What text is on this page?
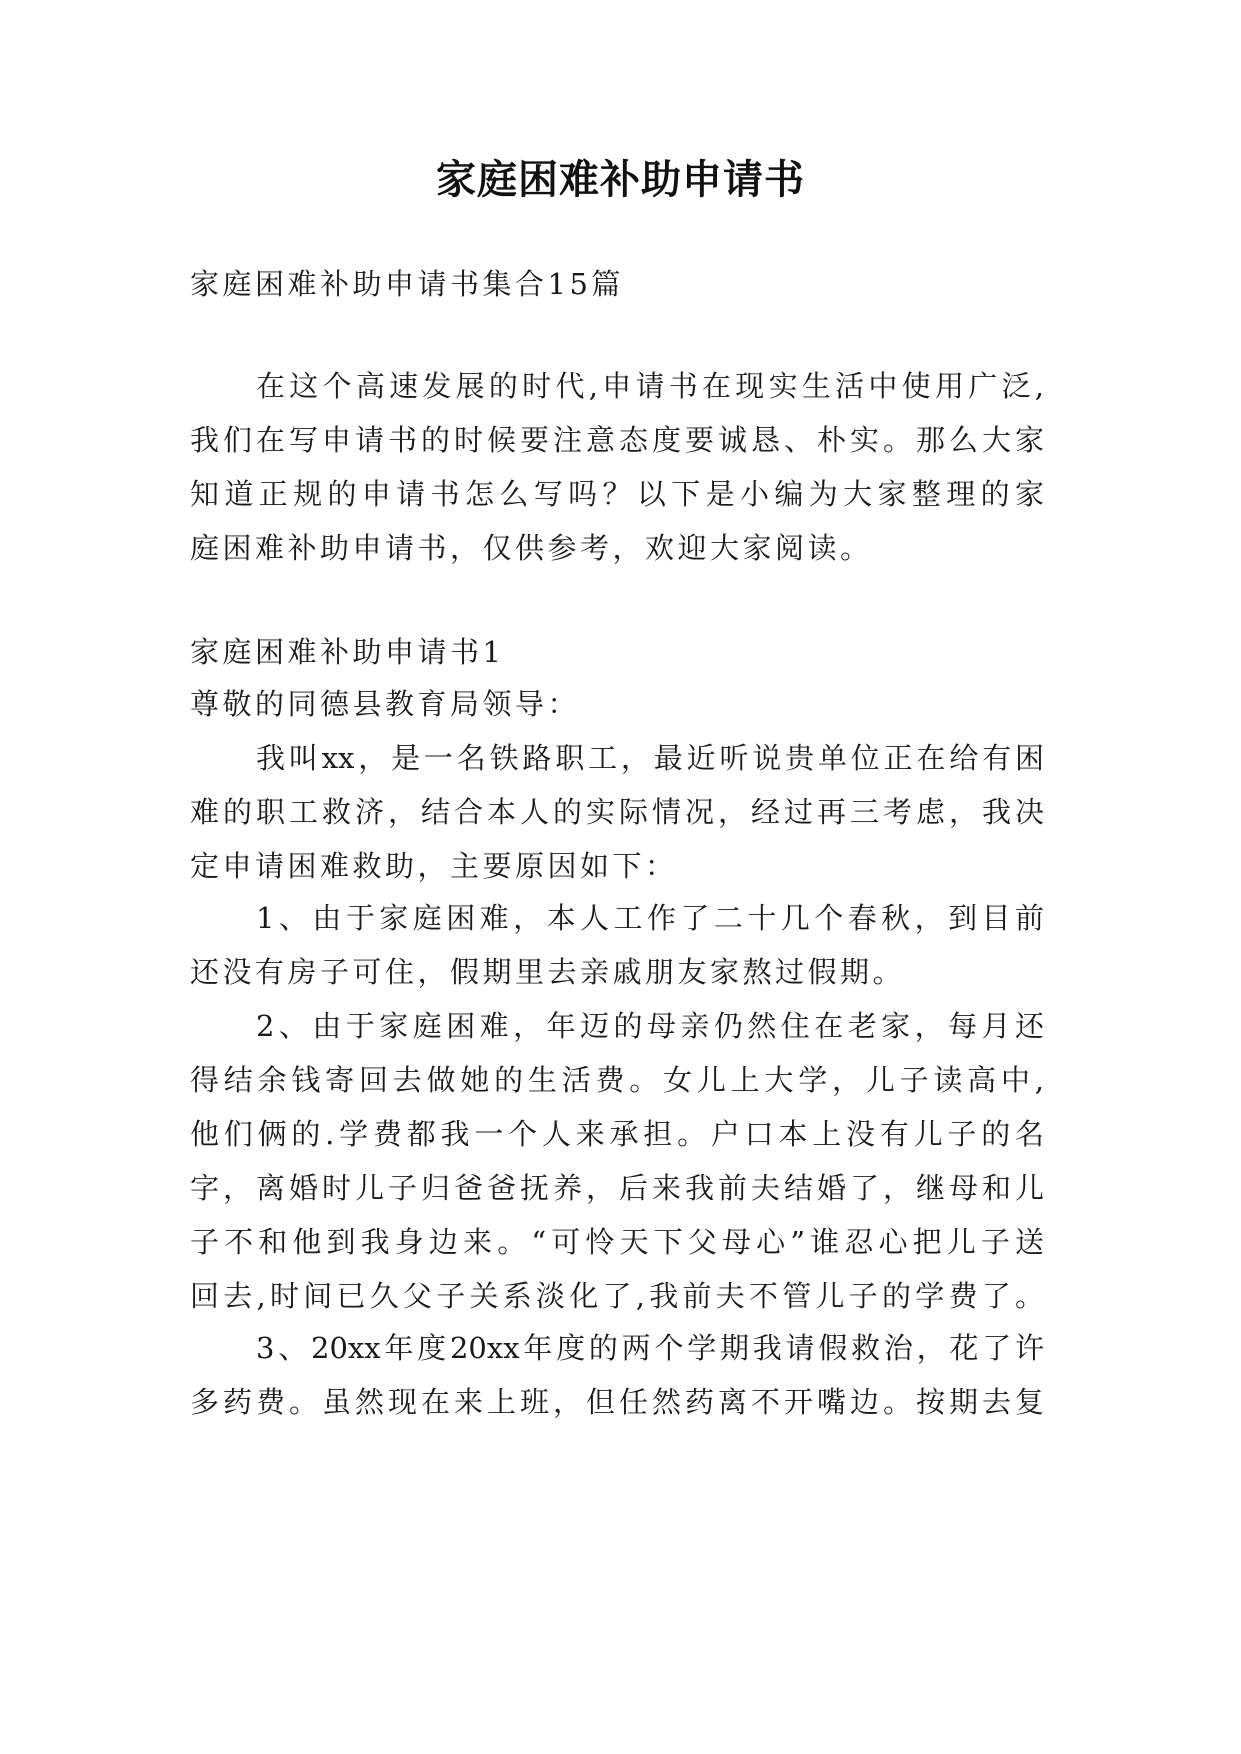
家庭困难补助申请书
家庭困难补助申请书集合15篇
在这个高速发展的时代,申请书在现实生活中使用广泛,
我们在写申请书的时候要注意态度要诚恳、朴实。那么大家
知道正规的申请书怎么写吗？以下是小编为大家整理的家
庭困难补助申请书，仅供参考，欢迎大家阅读。
家庭困难补助申请书1
尊敬的同德县教育局领导：
我叫xx，是一名铁路职工，最近听说贵单位正在给有困
难的职工救济，结合本人的实际情况，经过再三考虑，我决
定申请困难救助，主要原因如下：
1、由于家庭困难，本人工作了二十几个春秋，到目前
还没有房子可住，假期里去亲戚朋友家熬过假期。
2、由于家庭困难，年迈的母亲仍然住在老家，每月还
得结余钱寄回去做她的生活费。女儿上大学，儿子读高中,
他们俩的.学费都我一个人来承担。户口本上没有儿子的名
字，离婚时儿子归爸爸抚养，后来我前夫结婚了，继母和儿
子不和他到我身边来。“可怜天下父母心”谁忍心把儿子送
回去,时间已久父子关系淡化了,我前夫不管儿子的学费了。
3、20xx年度20xx年度的两个学期我请假救治，花了许
多药费。虽然现在来上班，但任然药离不开嘴边。按期去复
